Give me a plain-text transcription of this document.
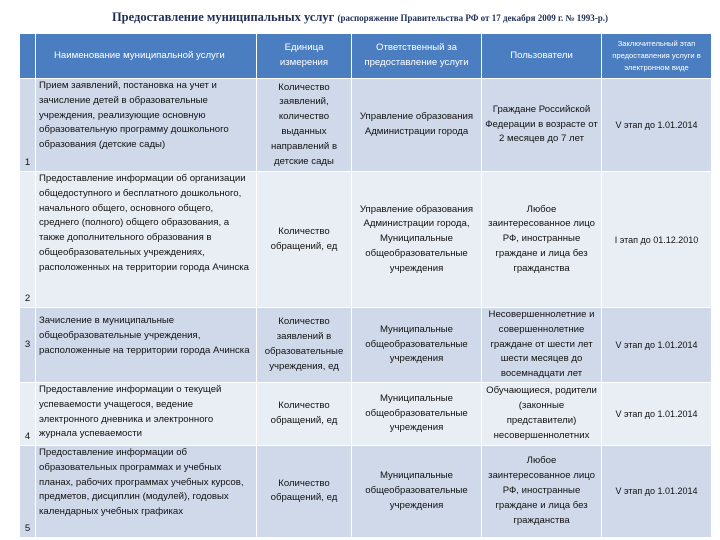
Предоставление муниципальных услуг (распоряжение Правительства РФ от 17 декабря 2009 г. № 1993-р.)
	Наименование муниципальной услуги	Единица измерения	Ответственный за предоставление услуги	Пользователи	Заключительный этап предоставления услуги в электронном виде
1	Прием заявлений, постановка на учет и зачисление детей в образовательные учреждения, реализующие основную образовательную программу дошкольного образования (детские сады)	Количество заявлений, количество выданных направлений в детские сады	Управление образования Администрации города	Граждане Российской Федерации в возрасте от 2 месяцев до 7 лет	V этап до 1.01.2014
2	Предоставление информации об организации общедоступного и бесплатного дошкольного, начального общего, основного общего, среднего (полного) общего образования, а также дополнительного образования в общеобразовательных учреждениях, расположенных на территории города Ачинска	Количество обращений, ед	Управление образования Администрации города, Муниципальные общеобразовательные учреждения	Любое заинтересованное лицо РФ, иностранные граждане и лица без гражданства	I этап до 01.12.2010
3	Зачисление в муниципальные общеобразовательные учреждения, расположенные на территории города Ачинска	Количество заявлений в образовательные учреждения, ед	Муниципальные общеобразовательные учреждения	Несовершеннолетние и совершеннолетние граждане от шести лет шести месяцев до восемнадцати лет	V этап до 1.01.2014
4	Предоставление информации о текущей успеваемости учащегося, ведение электронного дневника и электронного журнала успеваемости	Количество обращений, ед	Муниципальные общеобразовательные учреждения	Обучающиеся, родители (законные представители) несовершеннолетних	V этап до 1.01.2014
5	Предоставление информации об образовательных программах и учебных планах, рабочих программах учебных курсов, предметов, дисциплин (модулей), годовых календарных учебных графиках	Количество обращений, ед	Муниципальные общеобразовательные учреждения	Любое заинтересованное лицо РФ, иностранные граждане и лица без гражданства	V этап до 1.01.2014
